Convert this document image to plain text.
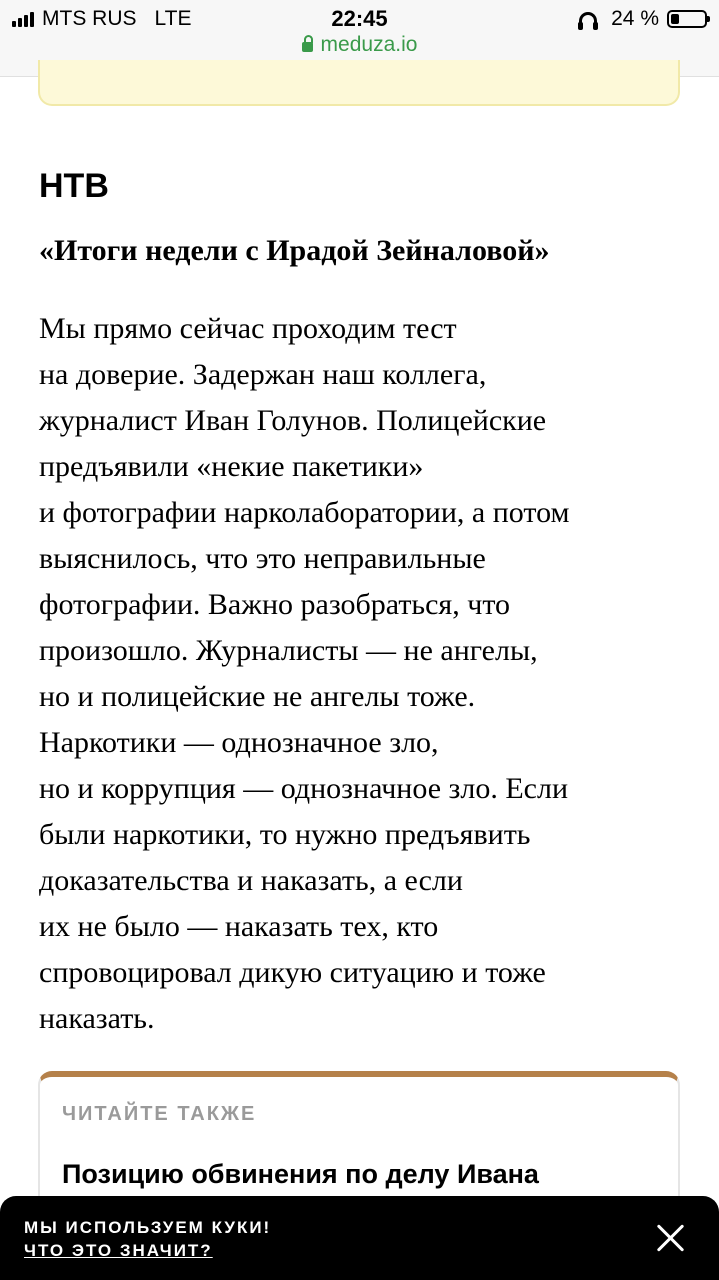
MTS RUS LTE	22:45
meduza.io
24 %
НТВ
«Итоги недели с Ирадой Зейналовой»

Мы прямо сейчас проходим тест
на доверие. Задержан наш коллега,
журналист Иван Голунов. Полицейские
предъявили «некие пакетики»
и фотографии нарколаборатории, а потом
выяснилось, что это неправильные
фотографии. Важно разобраться, что
произошло. Журналисты — не ангелы,
но и полицейские не ангелы тоже.
Наркотики — однозначное зло,
но и коррупция — однозначное зло. Если
были наркотики, то нужно предъявить
доказательства и наказать, а если
их не было — наказать тех, кто
спровоцировал дикую ситуацию и тоже
наказать.

ЧИТАЙТЕ ТАКЖЕ
Позицию обвинения по делу Ивана
МЫ ИСПОЛЬЗУЕМ КУКИ!
ЧТО ЭТО ЗНАЧИТ?
